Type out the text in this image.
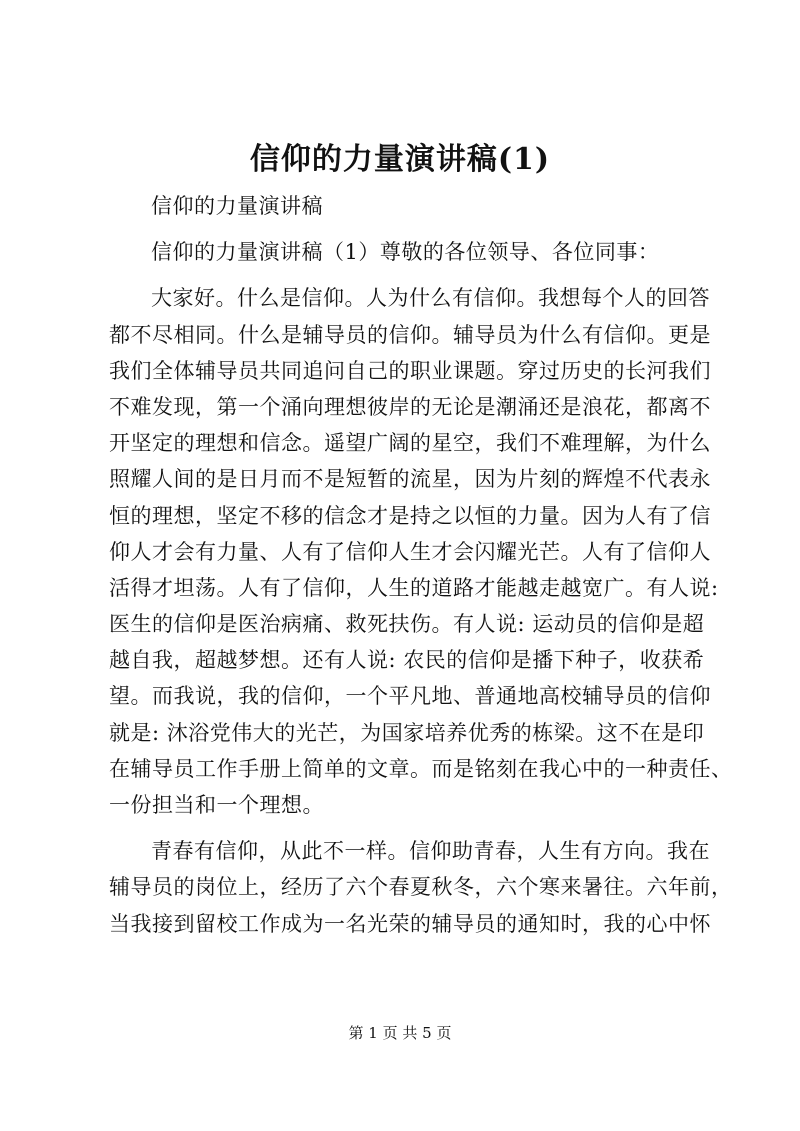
信仰的力量演讲稿(1)
信仰的力量演讲稿
信仰的力量演讲稿（1）尊敬的各位领导、各位同事：
大家好。什么是信仰。人为什么有信仰。我想每个人的回答
都不尽相同。什么是辅导员的信仰。辅导员为什么有信仰。更是
我们全体辅导员共同追问自己的职业课题。穿过历史的长河我们
不难发现，第一个涌向理想彼岸的无论是潮涌还是浪花，都离不
开坚定的理想和信念。遥望广阔的星空，我们不难理解，为什么
照耀人间的是日月而不是短暂的流星，因为片刻的辉煌不代表永
恒的理想，坚定不移的信念才是持之以恒的力量。因为人有了信
仰人才会有力量、人有了信仰人生才会闪耀光芒。人有了信仰人
活得才坦荡。人有了信仰，人生的道路才能越走越宽广。有人说:
医生的信仰是医治病痛、救死扶伤。有人说: 运动员的信仰是超
越自我，超越梦想。还有人说: 农民的信仰是播下种子，收获希
望。而我说，我的信仰，一个平凡地、普通地高校辅导员的信仰
就是: 沐浴党伟大的光芒，为国家培养优秀的栋梁。这不在是印
在辅导员工作手册上简单的文章。而是铭刻在我心中的一种责任、
一份担当和一个理想。
青春有信仰，从此不一样。信仰助青春，人生有方向。我在
辅导员的岗位上，经历了六个春夏秋冬，六个寒来暑往。六年前，
当我接到留校工作成为一名光荣的辅导员的通知时，我的心中怀
第 1 页 共 5 页
